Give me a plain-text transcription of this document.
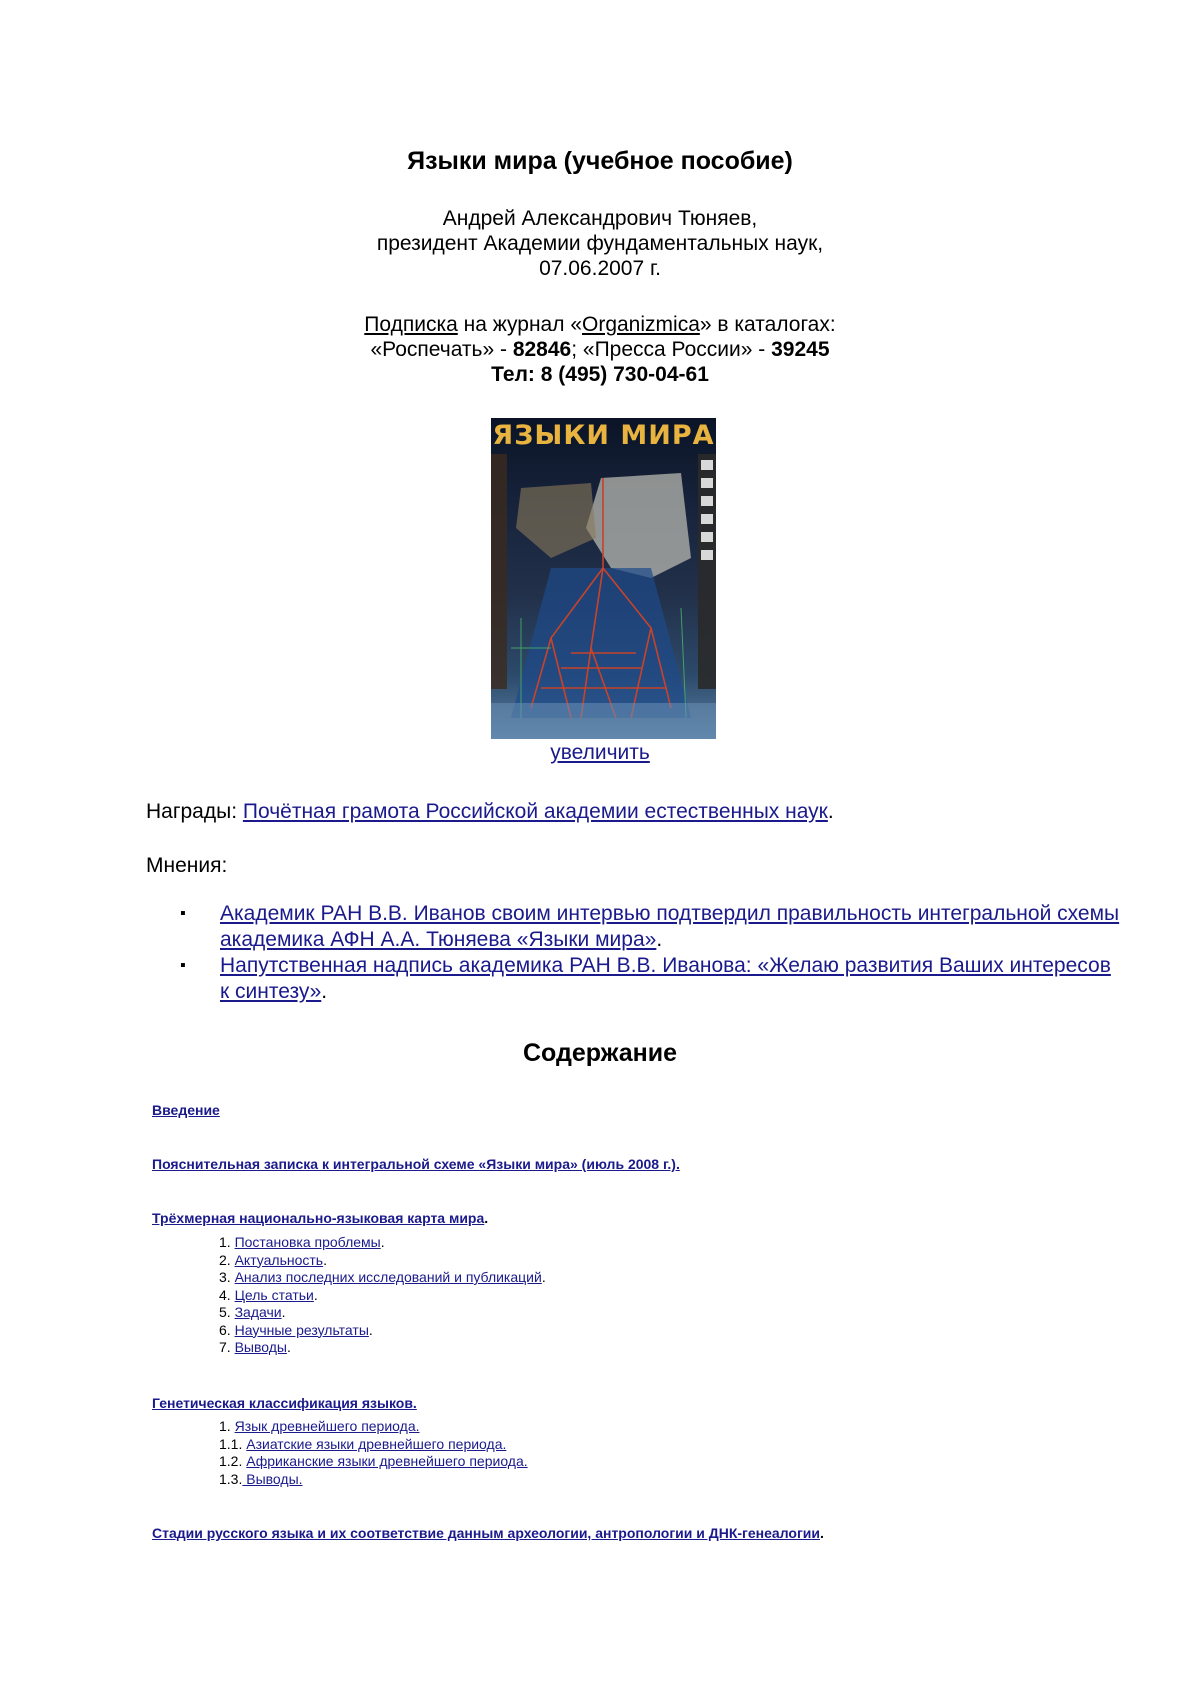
Языки мира (учебное пособие)

Андрей Александрович Тюняев,

президент Академии фундаментальных наук,

07.06.2007 г.

Подписка на журнал «Organizmica» в каталогах:

«Роспечать» - 82846; «Пресса России» - 39245

Тел: 8 (495) 730-04-61

ЯЗЫКИ МИРА
увеличить

Награды: Почётная грамота Российской академии естественных наук.

Мнения:

▪ Академик РАН В.В. Иванов своим интервью подтвердил правильность интегральной схемы академика АФН А.А. Тюняева «Языки мира».
▪ Напутственная надпись академика РАН В.В. Иванова: «Желаю развития Ваших интересов к синтезу».
Содержание
Введение
Пояснительная записка к интегральной схеме «Языки мира» (июль 2008 г.).
Трёхмерная национально-языковая карта мира.
1. Постановка проблемы.
2. Актуальность.
3. Анализ последних исследований и публикаций.
4. Цель статьи.
5. Задачи.
6. Научные результаты.
7. Выводы.
Генетическая классификация языков.
1. Язык древнейшего периода.
1.1. Азиатские языки древнейшего периода.
1.2. Африканские языки древнейшего периода.
1.3. Выводы.
Стадии русского языка и их соответствие данным археологии, антропологии и ДНК-генеалогии.
